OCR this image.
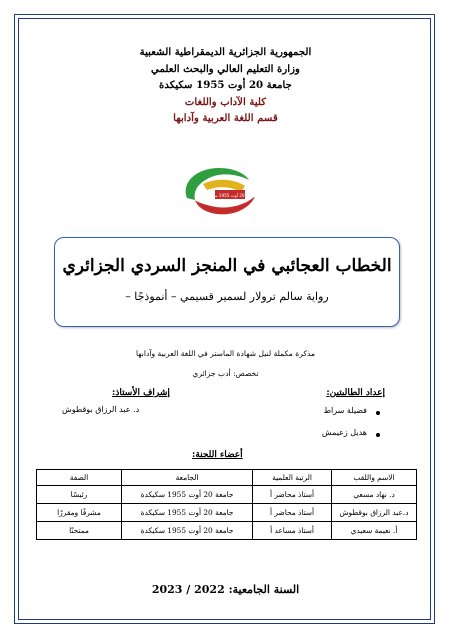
الجمهورية الجزائرية الديمقراطية الشعبية
وزارة التعليم العالي والبحث العلمي
جامعة 20 أوت 1955 سكيكدة
كلية الآداب واللغات
قسم اللغة العربية وآدابها
جامعة 20 أوت 1955 سكيكدة
الخطاب العجائبي في المنجز السردي الجزائري
رواية سالم ترولار لسمير قسيمي – أنموذجًا –
مذكرة مكملة لنيل شهادة الماستر في اللغة العربية وآدابها
تخصص: أدب جزائري
إعداد الطالبتين:
فضيلة سراط
هديل زعيمش
إشراف الأستاذ:
د. عبد الرزاق بوقطوش
أعضاء اللجنة:
الاسم واللقب	الرتبة العلمية	الجامعة	الصفة
د. نهاد مسعي	أستاذ محاضر أ	جامعة 20 أوت 1955 سكيكدة	رئيسًا
د.عبد الرزاق بوقطوش	أستاذ محاضر أ	جامعة 20 أوت 1955 سكيكدة	مشرفًا ومقررًا
أ. نعيمة سعيدي	أستاذ مساعد أ	جامعة 20 أوت 1955 سكيكدة	ممتحنًا
السنة الجامعية: 2022 / 2023
